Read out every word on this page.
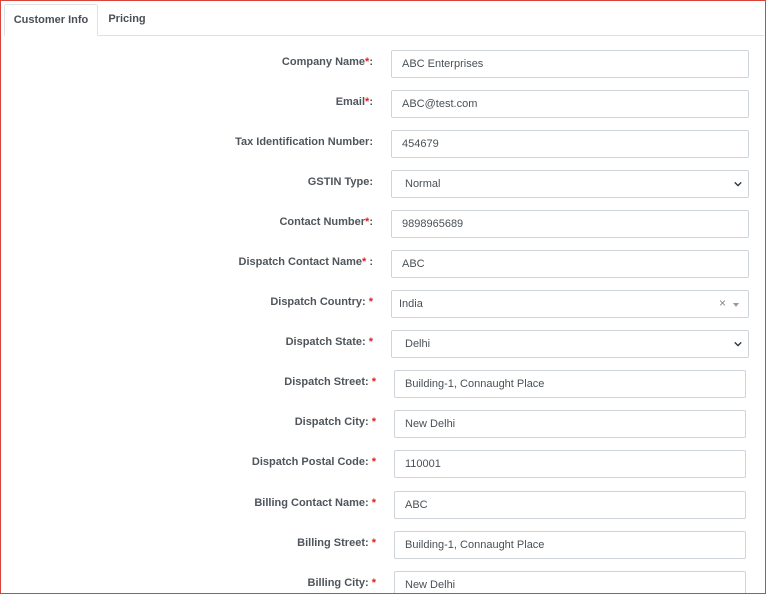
Customer Info	Pricing
Company Name*:	ABC Enterprises
Email*:	ABC@test.com
Tax Identification Number:	454679
GSTIN Type:	Normal
Contact Number*:	9898965689
Dispatch Contact Name* :	ABC
Dispatch Country: *	India	×
Dispatch State: *	Delhi
Dispatch Street: *	Building-1, Connaught Place
Dispatch City: *	New Delhi
Dispatch Postal Code: *	110001
Billing Contact Name: *	ABC
Billing Street: *	Building-1, Connaught Place
Billing City: *	New Delhi
